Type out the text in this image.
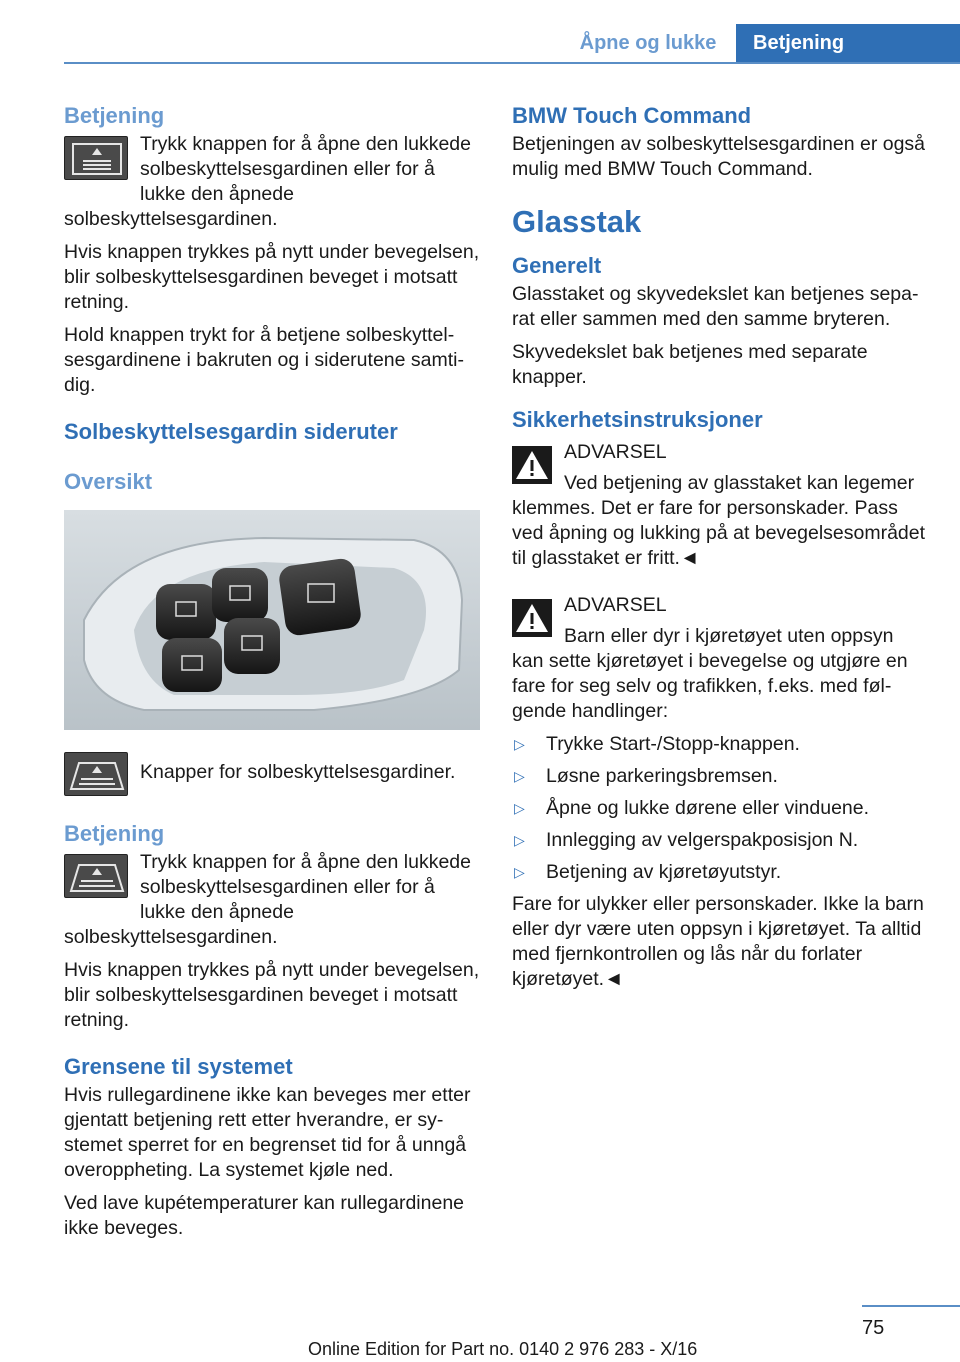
Åpne og lukke	Betjening
Betjening

Trykk knappen for å åpne den lukkede solbeskyttelsesgardinen eller for å lukke den åpnede solbeskyttelsesgardinen.

Hvis knappen trykkes på nytt under bevegelsen, blir solbeskyttelsesgardinen beveget i motsatt retning.

Hold knappen trykt for å betjene solbeskyttelsesgardinene i bakruten og i siderutene samtidig.

Solbeskyttelsesgardin sideruter
Oversikt

Knapper for solbeskyttelsesgardiner.

Betjening

Trykk knappen for å åpne den lukkede solbeskyttelsesgardinen eller for å lukke den åpnede solbeskyttelsesgardinen.

Hvis knappen trykkes på nytt under bevegelsen, blir solbeskyttelsesgardinen beveget i motsatt retning.

Grensene til systemet

Hvis rullegardinene ikke kan beveges mer etter gjentatt betjening rett etter hverandre, er systemet sperret for en begrenset tid for å unngå overoppheting. La systemet kjøle ned.

Ved lave kupétemperaturer kan rullegardinene ikke beveges.

BMW Touch Command

Betjeningen av solbeskyttelsesgardinen er også mulig med BMW Touch Command.

Glasstak
Generelt

Glasstaket og skyvedekslet kan betjenes separat eller sammen med den samme bryteren.

Skyvedekslet bak betjenes med separate knapper.

Sikkerhetsinstruksjoner
ADVARSEL

Ved betjening av glasstaket kan legemer klemmes. Det er fare for personskader. Pass ved åpning og lukking på at bevegelsesområdet til glasstaket er fritt.◄

ADVARSEL

Barn eller dyr i kjøretøyet uten oppsyn kan sette kjøretøyet i bevegelse og utgjøre en fare for seg selv og trafikken, f.eks. med følgende handlinger:

▷ Trykke Start-/Stopp-knappen.
▷ Løsne parkeringsbremsen.
▷ Åpne og lukke dørene eller vinduene.
▷ Innlegging av velgerspakposisjon N.
▷ Betjening av kjøretøyutstyr.

Fare for ulykker eller personskader. Ikke la barn eller dyr være uten oppsyn i kjøretøyet. Ta alltid med fjernkontrollen og lås når du forlater kjøretøyet.◄

75
Online Edition for Part no. 0140 2 976 283 - X/16
